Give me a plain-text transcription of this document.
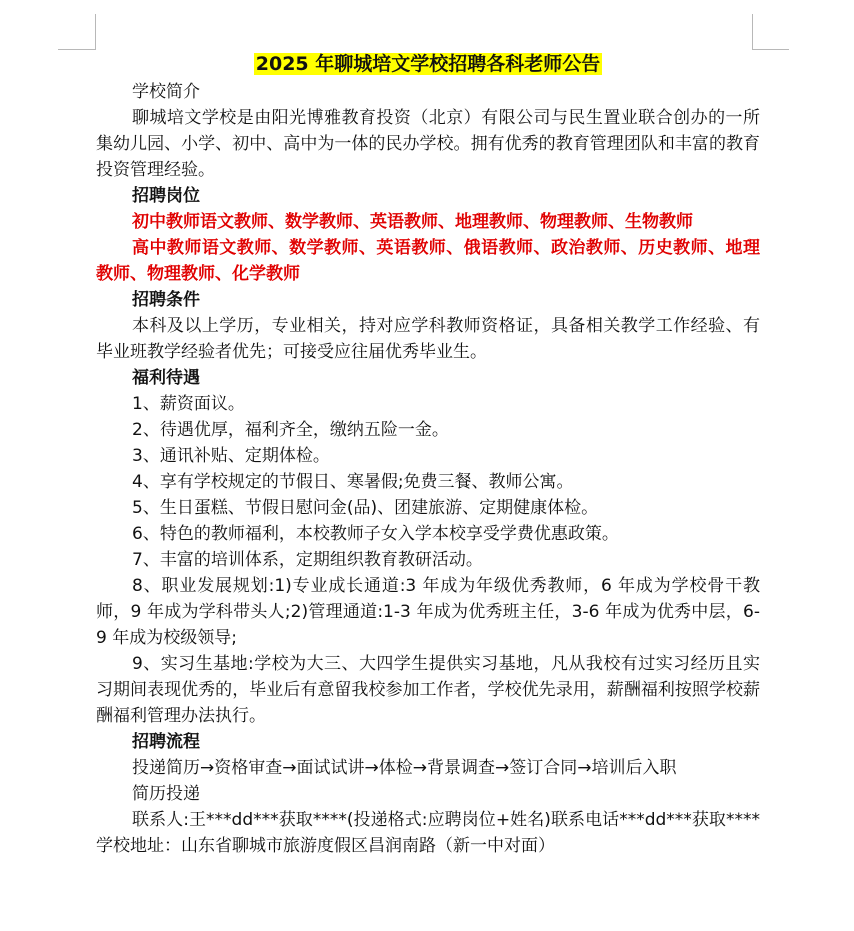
2025 年聊城培文学校招聘各科老师公告

学校简介

聊城培文学校是由阳光博雅教育投资（北京）有限公司与民生置业联合创办的一所集幼儿园、小学、初中、高中为一体的民办学校。拥有优秀的教育管理团队和丰富的教育投资管理经验。

招聘岗位

初中教师语文教师、数学教师、英语教师、地理教师、物理教师、生物教师

高中教师语文教师、数学教师、英语教师、俄语教师、政治教师、历史教师、地理教师、物理教师、化学教师

招聘条件

本科及以上学历，专业相关，持对应学科教师资格证，具备相关教学工作经验、有毕业班教学经验者优先；可接受应往届优秀毕业生。

福利待遇

1、薪资面议。

2、待遇优厚，福利齐全，缴纳五险一金。

3、通讯补贴、定期体检。

4、享有学校规定的节假日、寒暑假;免费三餐、教师公寓。

5、生日蛋糕、节假日慰问金(品)、团建旅游、定期健康体检。

6、特色的教师福利，本校教师子女入学本校享受学费优惠政策。

7、丰富的培训体系，定期组织教育教研活动。

8、职业发展规划:1)专业成长通道:3 年成为年级优秀教师，6 年成为学校骨干教师，9 年成为学科带头人;2)管理通道:1-3 年成为优秀班主任，3-6 年成为优秀中层，6-9 年成为校级领导;

9、实习生基地:学校为大三、大四学生提供实习基地，凡从我校有过实习经历且实习期间表现优秀的，毕业后有意留我校参加工作者，学校优先录用，薪酬福利按照学校薪酬福利管理办法执行。

招聘流程

投递简历→资格审查→面试试讲→体检→背景调查→签订合同→培训后入职

简历投递

联系人:王***dd***获取****(投递格式:应聘岗位+姓名)联系电话***dd***获取****学校地址：山东省聊城市旅游度假区昌润南路（新一中对面）
